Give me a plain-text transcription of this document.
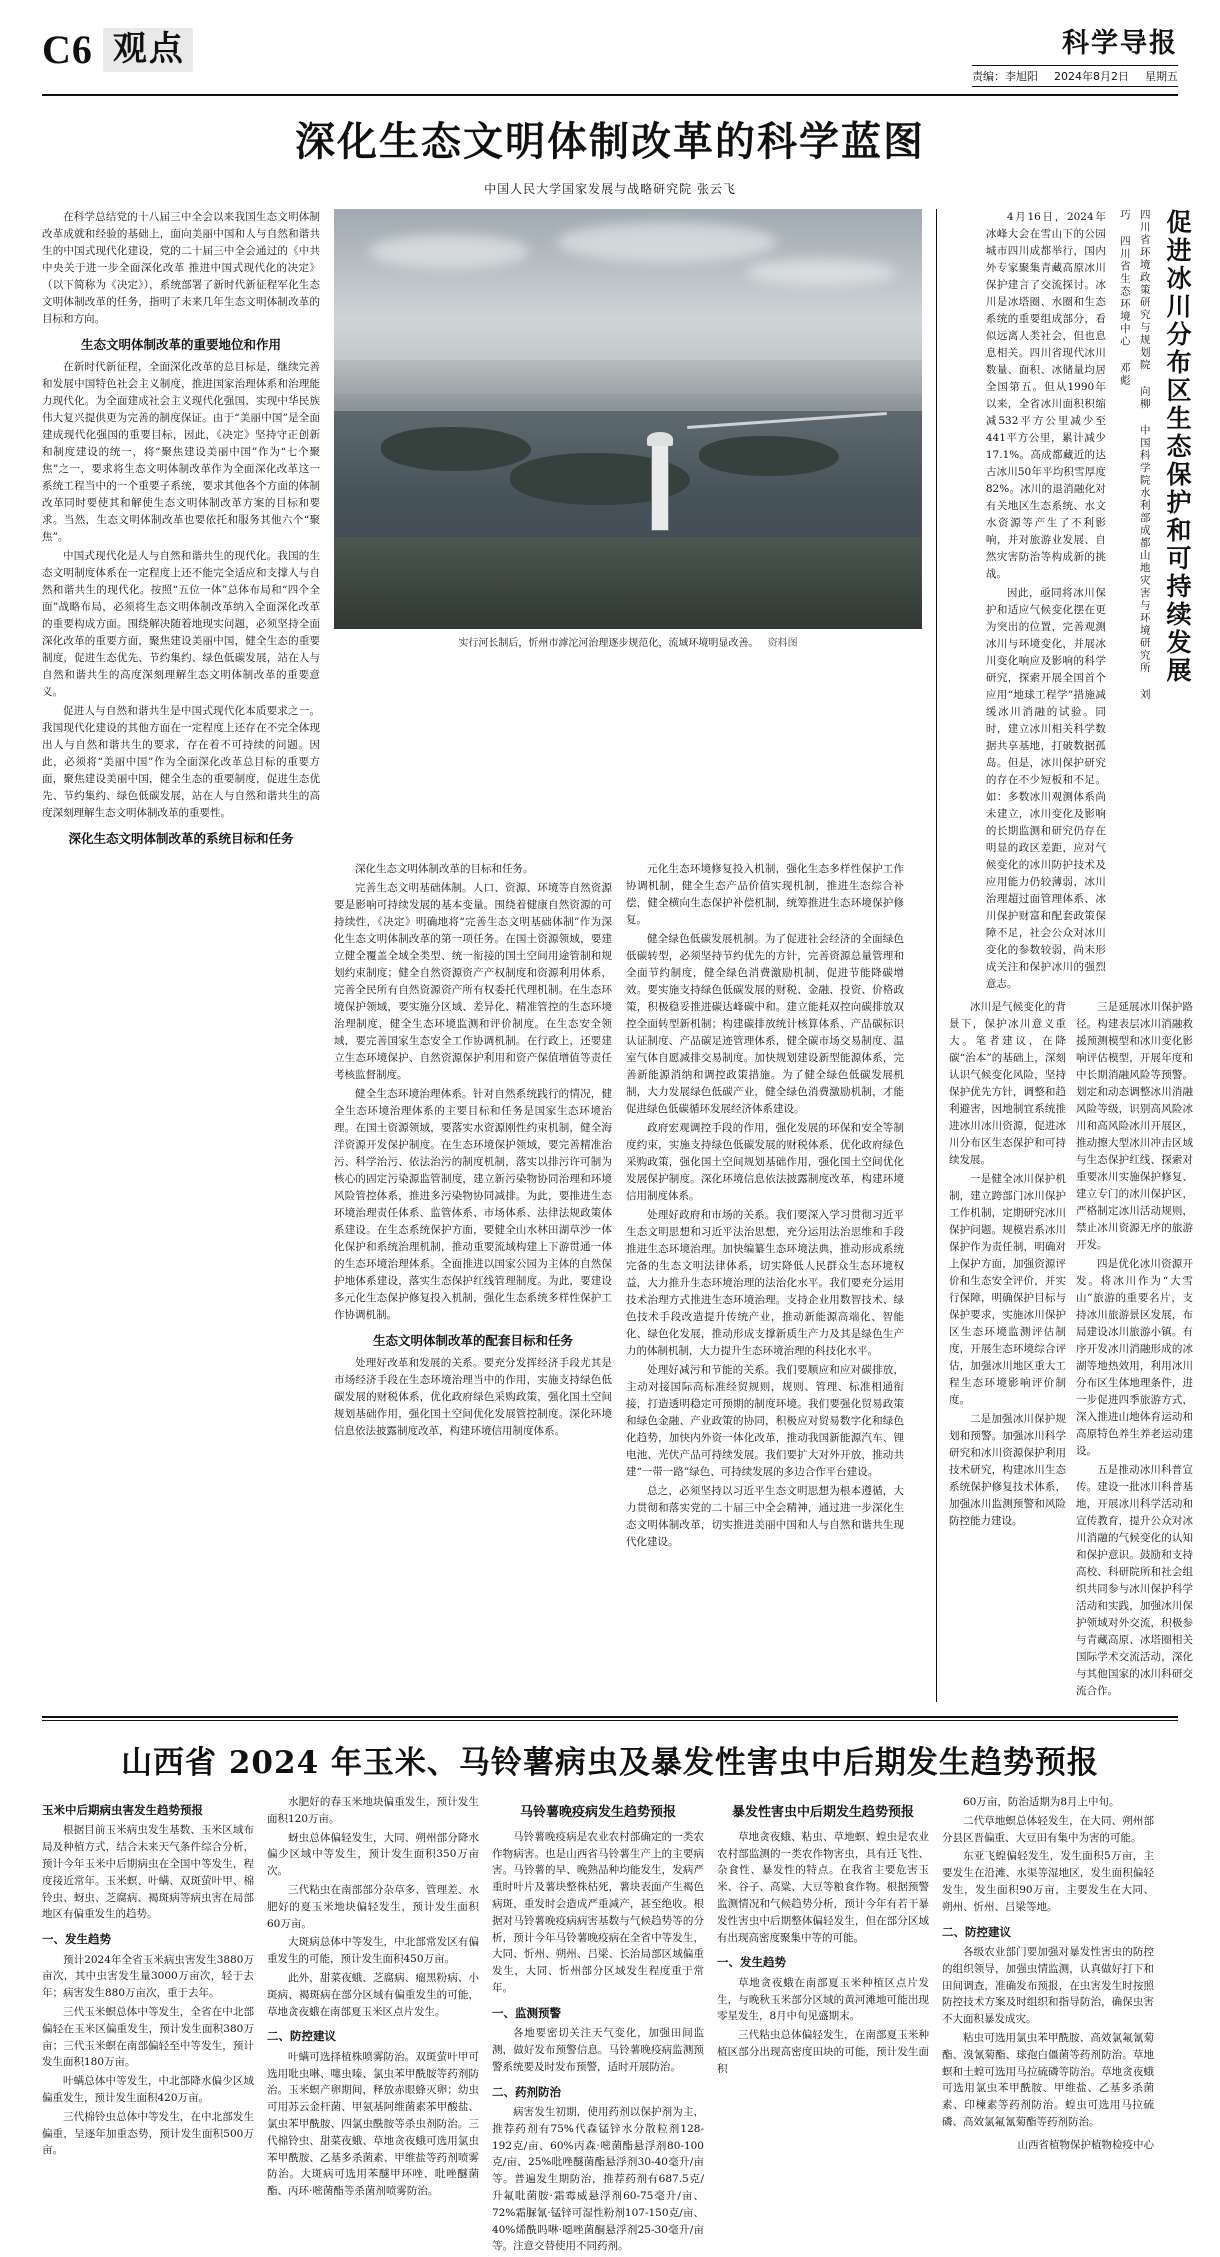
C6 观 点	科学导报
责编：李旭阳 2024年8月2日 星期五
深化生态文明体制改革的科学蓝图
中国人民大学国家发展与战略研究院 张云飞

在科学总结党的十八届三中全会以来我国生态文明体制改革成就和经验的基础上，面向美丽中国和人与自然和谐共生的中国式现代化建设，党的二十届三中全会通过的《中共中央关于进一步全面深化改革 推进中国式现代化的决定》（以下简称为《决定》），系统部署了新时代新征程军化生态文明体制改革的任务，指明了未来几年生态文明体制改革的目标和方向。

生态文明体制改革的重要地位和作用

在新时代新征程，全面深化改革的总目标是，继续完善和发展中国特色社会主义制度，推进国家治理体系和治理能力现代化。为全面建成社会主义现代化强国、实现中华民族伟大复兴提供更为完善的制度保证。由于“美丽中国”是全面建成现代化强国的重要目标，因此，《决定》坚持守正创新和制度建设的统一，将“聚焦建设美丽中国”作为“七个聚焦”之一，要求将生态文明体制改革作为全面深化改革这一系统工程当中的一个重要子系统，要求其他各个方面的体制改革同时要使其和解使生态文明体制改革方案的目标和要求。当然，生态文明体制改革也要依托和服务其他六个“聚焦”。

中国式现代化是人与自然和谐共生的现代化。我国的生态文明制度体系在一定程度上还不能完全适应和支撑人与自然和谐共生的现代化。按照“五位一体”总体布局和“四个全面”战略布局，必须将生态文明体制改革纳入全面深化改革的重要构成方面。围绕解决随着地现实问题，必须坚持全面深化改革的重要方面，聚焦建设美丽中国，健全生态的重要制度，促进生态优先、节约集约、绿色低碳发展，站在人与自然和谐共生的高度深刻理解生态文明体制改革的重要意义。

促进人与自然和谐共生是中国式现代化本质要求之一。我国现代化建设的其他方面在一定程度上还存在不完全体现出人与自然和谐共生的要求，存在着不可持续的问题。因此，必须将“美丽中国”作为全面深化改革总目标的重要方面，聚焦建设美丽中国，健全生态的重要制度，促进生态优先、节约集约、绿色低碳发展，站在人与自然和谐共生的高度深刻理解生态文明体制改革的重要性。

深化生态文明体制改革的系统目标和任务
实行河长制后，忻州市滹沱河治理逐步规范化，流域环境明显改善。 资料图

深化生态文明体制改革的目标和任务。

完善生态文明基础体制。人口、资源、环境等自然资源要是影响可持续发展的基本变量。围绕着健康自然资源的可持续性，《决定》明确地将“完善生态文明基础体制”作为深化生态文明体制改革的第一项任务。在国土资源领域，要建立健全覆盖全域全类型、统一衔接的国土空间用途管制和规划约束制度；健全自然资源资产产权制度和资源利用体系，完善全民所有自然资源资产所有权委托代理机制。在生态环境保护领域，要实施分区域、差异化、精准管控的生态环境治理制度，健全生态环境监测和评价制度。在生态安全领域，要完善国家生态安全工作协调机制。在行政上，还要建立生态环境保护、自然资源保护利用和资产保值增值等责任考核监督制度。

健全生态环境治理体系。针对自然系统践行的情况，健全生态环境治理体系的主要目标和任务是国家生态环境治理。在国土资源领域，要落实水资源刚性约束机制，健全海洋资源开发保护制度。在生态环境保护领域，要完善精准治污、科学治污、依法治污的制度机制，落实以排污许可制为核心的固定污染源监管制度，建立新污染物协同治理和环境风险管控体系，推进多污染物协同减排。为此，要推进生态环境治理责任体系、监管体系、市场体系、法律法规政策体系建设。在生态系统保护方面，要健全山水林田湖草沙一体化保护和系统治理机制，推动重要流域构建上下游贯通一体的生态环境治理体系。全面推进以国家公园为主体的自然保护地体系建设，落实生态保护红线管理制度。为此，要建设多元化生态保护修复投入机制，强化生态系统多样性保护工作协调机制。

生态文明体制改革的配套目标和任务

处理好改革和发展的关系。要充分发挥经济手段尤其是市场经济手段在生态环境治理当中的作用，实施支持绿色低碳发展的财税体系，优化政府绿色采购政策，强化国土空间规划基础作用，强化国土空间优化发展管控制度。深化环境信息依法披露制度改革，构建环境信用制度体系。

元化生态环境修复投入机制，强化生态多样性保护工作协调机制，健全生态产品价值实现机制，推进生态综合补偿，健全横向生态保护补偿机制，统筹推进生态环境保护修复。

健全绿色低碳发展机制。为了促进社会经济的全面绿色低碳转型，必须坚持节约优先的方针，完善资源总量管理和全面节约制度，健全绿色消费激励机制，促进节能降碳增效。要实施支持绿色低碳发展的财税、金融、投资、价格政策，积极稳妥推进碳达峰碳中和。建立能耗双控向碳排放双控全面转型新机制；构建碳排放统计核算体系、产品碳标识认证制度、产品碳足迹管理体系，健全碳市场交易制度、温室气体自愿减排交易制度。加快规划建设新型能源体系，完善新能源消纳和调控政策措施。为了健全绿色低碳发展机制，大力发展绿色低碳产业，健全绿色消费激励机制，才能促进绿色低碳循环发展经济体系建设。

政府宏观调控手段的作用，强化发展的环保和安全等制度约束，实施支持绿色低碳发展的财税体系，优化政府绿色采购政策，强化国土空间规划基础作用，强化国土空间优化发展保护制度。深化环境信息依法披露制度改革，构建环境信用制度体系。

处理好政府和市场的关系。我们要深入学习贯彻习近平生态文明思想和习近平法治思想，充分运用法治思维和手段推进生态环境治理。加快编纂生态环境法典，推动形成系统完备的生态文明法律体系，切实降低人民群众生态环境权益，大力推升生态环境治理的法治化水平。我们要充分运用技术治理方式推进生态环境治理。支持企业用数智技术、绿色技术手段改造提升传统产业，推动新能源高端化、智能化、绿色化发展，推动形成支撑新质生产力及其是绿色生产力的体制机制，大力提升生态环境治理的科技化水平。

处理好减污和节能的关系。我们要顺应和应对碳排放，主动对接国际高标准经贸规则，规则、管理、标准相通衔接，打造透明稳定可预期的制度环境。我们要强化贸易政策和绿色金融、产业政策的协同，积极应对贸易数字化和绿色化趋势，加快内外资一体化改革，推动我国新能源汽车、锂电池、光伏产品可持续发展。我们要扩大对外开放，推动共建“一带一路”绿色、可持续发展的多边合作平台建设。

总之，必须坚持以习近平生态文明思想为根本遵循，大力贯彻和落实党的二十届三中全会精神，通过进一步深化生态文明体制改革，切实推进美丽中国和人与自然和谐共生现代化建设。

促进冰川分布区生态保护和可持续发展
四川省环境政策研究与规划院 向柳 中国科学院水利部成都山地灾害与环境研究所 刘巧 四川省生态环境中心 邓彪

4月16日，2024年冰峰大会在雪山下的公园城市四川成都举行，国内外专家聚集青藏高原冰川保护建言了交流探讨。冰川是冰塔圈、水圈和生态系统的重要组成部分，看似远离人类社会，但也息息相关。四川省现代冰川数量、面积、冰储量均居全国第五。但从1990年以来，全省冰川面积积缩减532平方公里减少至441平方公里，累计减少17.1%。高成都藏近的达古冰川50年平均积雪厚度82%。冰川的退消融化对有关地区生态系统、水文水资源等产生了不利影响，并对旅游业发展、自然灾害防治等构成新的挑战。

因此，亟同将冰川保护和适应气候变化摆在更为突出的位置，完善观测冰川与环境变化，并展冰川变化响应及影响的科学研究，探索开展全国首个应用“地球工程学”措施减缓冰川消融的试验。同时，建立冰川相关科学数据共享基地，打破数据孤岛。但是，冰川保护研究的存在不少短板和不足。如：多数冰川观测体系尚未建立，冰川变化及影响的长期监测和研究仍存在明显的政区差距，应对气候变化的冰川防护技术及应用能力仍较薄弱，冰川治理超过面管理体系、冰川保护财富和配套政策保障不足，社会公众对冰川变化的参数较弱，尚未形成关注和保护冰川的强烈意志。

冰川是气候变化的背景下，保护冰川意义重大。笔者建议，在降碳“治本”的基础上，深刻认识气候变化风险，坚持保护优先方针，调整和趋利避害，因地制宜系统推进冰川冰川资源，促进冰川分布区生态保护和可持续发展。

一是健全冰川保护机制，建立跨部门冰川保护工作机制，定期研究冰川保护问题。规模岩系冰川保护作为责任制，明确对上保护方面，加强资源评价和生态安全评价，并实行保障，明确保护目标与保护要求，实施冰川保护区生态环境监测评估制度，开展生态环境综合评估，加强冰川地区重大工程生态环境影响评价制度。

二是加强冰川保护规划和预警。加强冰川科学研究和冰川资源保护利用技术研究，构建冰川生态系统保护修复技术体系，加强冰川监测预警和风险防控能力建设。

三是延展冰川保护路径。构建表层冰川消融救援预测模型和冰川变化影响评估模型，开展年度和中长期消融风险等预警。划定和动态调整冰川消融风险等级，识别高风险冰川和高风险冰川开展区，推动擦大型冰川冲击区域与生态保护红线、探索对重要冰川实施保护修复、建立专门的冰川保护区，严格制定冰川活动规则，禁止冰川资源无序的旅游开发。

四是优化冰川资源开发。将冰川作为“大雪山”旅游的重要名片，支持冰川旅游景区发展，布局建设冰川旅游小镇。有序开发冰川消融形成的冰湖等地热效用，利用冰川分布区生体地理条件，进一步促进四季旅游方式，深入推进山地体育运动和高原特色养生养老运动建设。

五是推动冰川科普宣传。建设一批冰川科普基地，开展冰川科学活动和宣传教育，提升公众对冰川消融的气候变化的认知和保护意识。鼓励和支持高校、科研院所和社会组织共同参与冰川保护科学活动和实践，加强冰川保护领域对外交流，积极参与青藏高原、冰塔圈相关国际学术交流活动，深化与其他国家的冰川科研交流合作。

山西省 2024 年玉米、马铃薯病虫及暴发性害虫中后期发生趋势预报

玉米中后期病虫害发生趋势预报

根据目前玉米病虫发生基数、玉米区域布局及种植方式，结合未来天气条件综合分析，预计今年玉米中后期病虫在全国中等发生，程度接近常年。玉米螟、叶螨、双斑萤叶甲、棉铃虫、蚜虫、芝腐病、褐斑病等病虫害在局部地区有偏重发生的趋势。

一、发生趋势

预计2024年全省玉米病虫害发生3880万亩次，其中虫害发生量3000万亩次，轻于去年；病害发生880万亩次，重于去年。

三代玉米螟总体中等发生，全省在中北部偏轻在玉米区偏重发生，预计发生面积380万亩；三代玉米螟在南部偏轻至中等发生，预计发生面积180万亩。

叶螨总体中等发生，中北部降水偏少区域偏重发生，预计发生面积420万亩。

三代棉铃虫总体中等发生，在中北部发生偏重，呈逐年加重态势，预计发生面积500万亩。

水肥好的春玉米地块偏重发生，预计发生面积120万亩。

蚜虫总体偏轻发生，大同、朔州部分降水偏少区域中等发生，预计发生面积350万亩次。

三代粘虫在南部部分杂草多、管理差、水肥好的夏玉米地块偏轻发生，预计发生面积60万亩。

大斑病总体中等发生，中北部常发区有偏重发生的可能，预计发生面积450万亩。

此外，甜菜夜蛾、芝腐病、瘤黑粉病、小斑病、褐斑病在部分区域有偏重发生的可能，草地贪夜蛾在南部夏玉米区点片发生。

二、防控建议

叶螨可选择植株喷雾防治。双斑萤叶甲可选用吡虫啉、噻虫嗪、氯虫苯甲酰胺等药剂防治。玉米螟产卵期间，释放赤眼蜂灭卵；幼虫可用苏云金杆菌、甲氨基阿维菌素苯甲酸盐、氯虫苯甲酰胺、四氯虫酰胺等杀虫剂防治。三代棉铃虫、甜菜夜蛾、草地贪夜蛾可选用氯虫苯甲酰胺、乙基多杀菌素、甲维盐等药剂喷雾防治。大斑病可选用苯醚甲环唑、吡唑醚菌酯、丙环·嘧菌酯等杀菌剂喷雾防治。

马铃薯晚疫病发生趋势预报

马铃薯晚疫病是农业农村部确定的一类农作物病害。也是山西省马铃薯生产上的主要病害。马铃薯的早、晚熟品种均能发生，发病严重时叶片及薯块整株枯死，薯块表面产生褐色病斑，重发时会造成严重减产，甚至绝收。根据对马铃薯晚疫病病害基数与气候趋势等的分析，预计今年马铃薯晚疫病在全省中等发生，大同、忻州、朔州、吕梁、长治局部区域偏重发生，大同、忻州部分区域发生程度重于常年。

一、监测预警

各地要密切关注天气变化，加强田间监测，做好发布预警信息。马铃薯晚疫病监测预警系统要及时发布预警，适时开展防治。

二、药剂防治

病害发生初期，使用药剂以保护剂为主，推荐药剂有75%代森锰锌水分散粒剂128-192克/亩、60%丙森·嘧菌酯悬浮剂80-100克/亩、25%吡唑醚菌酯悬浮剂30-40毫升/亩等。普遍发生期防治，推荐药剂有687.5克/升氟吡菌胺·霜霉威悬浮剂60-75毫升/亩、72%霜脲氰·锰锌可湿性粉剂107-150克/亩、40%烯酰吗啉·噁唑菌酮悬浮剂25-30毫升/亩等。注意交替使用不同药剂。

暴发性害虫中后期发生趋势预报

草地贪夜蛾、粘虫、草地螟、蝗虫是农业农村部监测的一类农作物害虫，具有迁飞性、杂食性、暴发性的特点。在我省主要危害玉米、谷子、高粱、大豆等粮食作物。根据预警监测情况和气候趋势分析，预计今年有若干暴发性害虫中后期整体偏轻发生，但在部分区域有出现高密度聚集中等的可能。

一、发生趋势

草地贪夜蛾在南部夏玉米种植区点片发生，与晚秋玉米部分区域的黄河滩地可能出现零星发生，8月中旬见盛期末。

三代粘虫总体偏轻发生，在南部夏玉米种植区部分出现高密度田块的可能，预计发生面积

60万亩，防治适期为8月上中旬。

二代草地螟总体轻发生，在大同、朔州部分县区晋偏重、大豆田有集中为害的可能。

东亚飞蝗偏轻发生，发生面积5万亩，主要发生在沿滩、水渠等湿地区，发生面积偏轻发生，发生面积90万亩，主要发生在大同、朔州、忻州、吕梁等地。

二、防控建议

各级农业部门要加强对暴发性害虫的防控的组织领导，加强虫情监测，认真做好打下和田间调查，准确发布预报，在虫害发生时按照防控技术方案及时组织和指导防治，确保虫害不大面积暴发成灾。

粘虫可选用氯虫苯甲酰胺、高效氯氟氰菊酯、溴氰菊酯、球孢白僵菌等药剂防治。草地螟和土蝗可选用马拉硫磷等防治。草地贪夜蛾可选用氯虫苯甲酰胺、甲维盐、乙基多杀菌素、印楝素等药剂防治。蝗虫可选用马拉硫磷、高效氯氟氰菊酯等药剂防治。

山西省植物保护植物检疫中心
